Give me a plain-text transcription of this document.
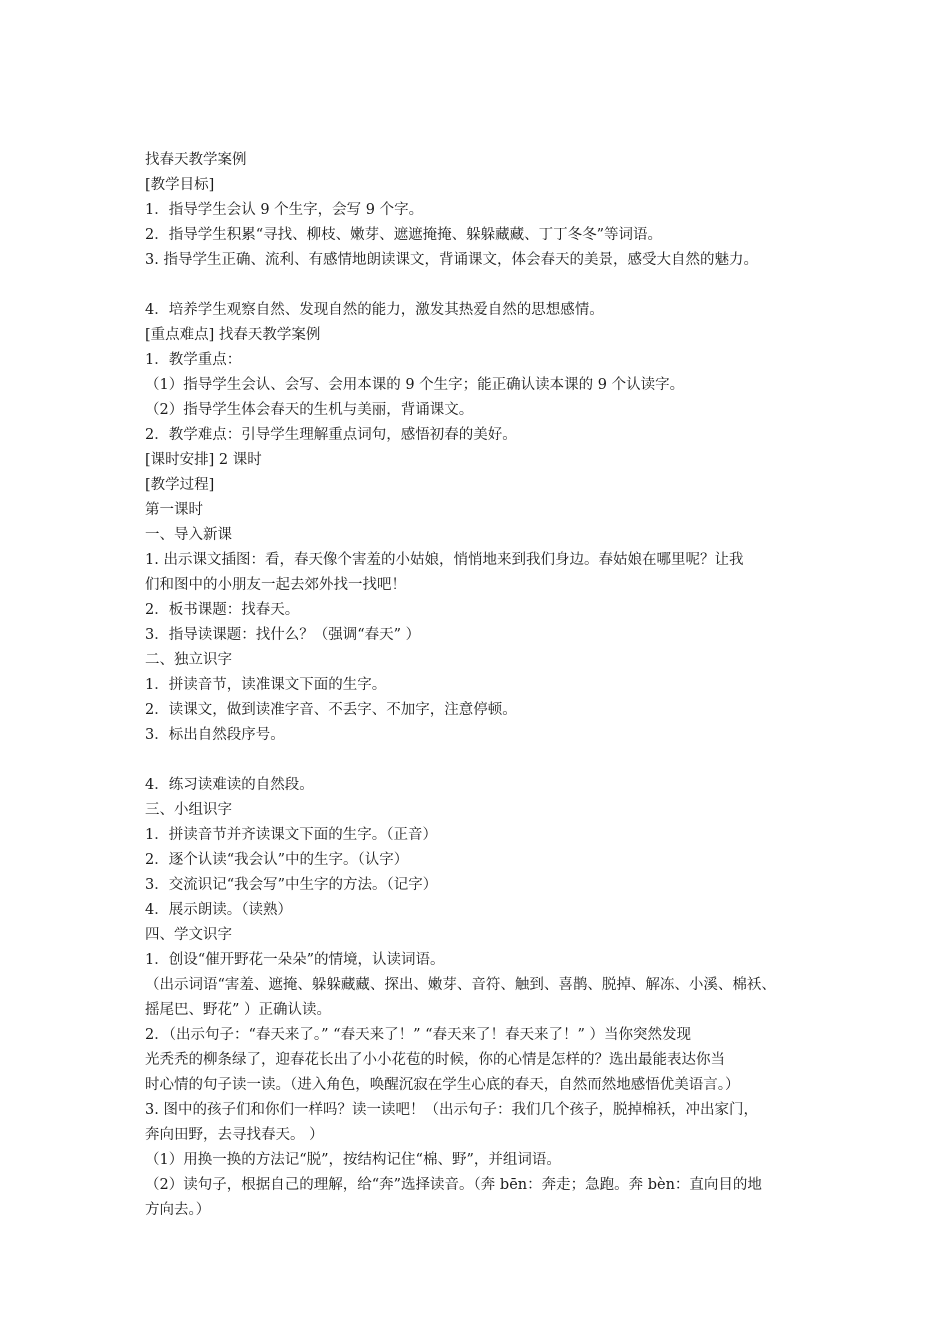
找春天教学案例
[教学目标]
1．指导学生会认 9 个生字，会写 9 个字。
2．指导学生积累“寻找、柳枝、嫩芽、遮遮掩掩、躲躲藏藏、丁丁冬冬”等词语。
3. 指导学生正确、流利、有感情地朗读课文，背诵课文，体会春天的美景，感受大自然的魅力。
4．培养学生观察自然、发现自然的能力，激发其热爱自然的思想感情。
[重点难点] 找春天教学案例
1．教学重点：
（1）指导学生会认、会写、会用本课的 9 个生字；能正确认读本课的 9 个认读字。
（2）指导学生体会春天的生机与美丽，背诵课文。
2．教学难点：引导学生理解重点词句，感悟初春的美好。
[课时安排] 2 课时
[教学过程]
第一课时
一、导入新课
1. 出示课文插图：看，春天像个害羞的小姑娘，悄悄地来到我们身边。春姑娘在哪里呢？让我
们和图中的小朋友一起去郊外找一找吧！
2．板书课题：找春天。
3．指导读课题：找什么？（强调“春天” ）
二、独立识字
1．拼读音节，读准课文下面的生字。
2．读课文，做到读准字音、不丢字、不加字，注意停顿。
3．标出自然段序号。
4．练习读难读的自然段。
三、小组识字
1．拼读音节并齐读课文下面的生字。（正音）
2．逐个认读“我会认”中的生字。（认字）
3．交流识记“我会写”中生字的方法。（记字）
4．展示朗读。（读熟）
四、学文识字
1．创设“催开野花一朵朵”的情境，认读词语。
（出示词语“害羞、遮掩、躲躲藏藏、探出、嫩芽、音符、触到、喜鹊、脱掉、解冻、小溪、棉袄、
摇尾巴、野花” ）正确认读。
2．（出示句子：“春天来了。” “春天来了！” “春天来了！春天来了！” ）当你突然发现
光秃秃的柳条绿了，迎春花长出了小小花苞的时候，你的心情是怎样的？选出最能表达你当
时心情的句子读一读。（进入角色，唤醒沉寂在学生心底的春天，自然而然地感悟优美语言。）
3. 图中的孩子们和你们一样吗？读一读吧！（出示句子：我们几个孩子，脱掉棉袄，冲出家门，
奔向田野，去寻找春天。 ）
（1）用换一换的方法记“脱”，按结构记住“棉、野”，并组词语。
（2）读句子，根据自己的理解，给“奔”选择读音。（奔 bēn：奔走；急跑。奔 bèn：直向目的地
方向去。）
